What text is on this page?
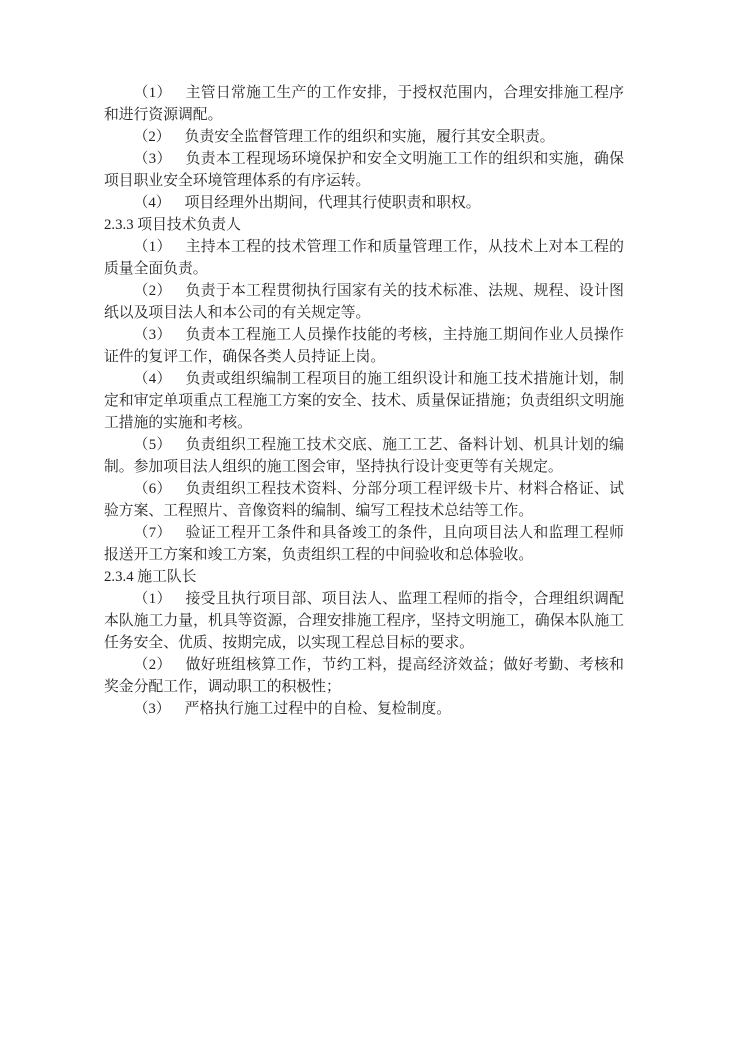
（1） 主管日常施工生产的工作安排，于授权范围内，合理安排施工程序和进行资源调配。

（2） 负责安全监督管理工作的组织和实施，履行其安全职责。

（3） 负责本工程现场环境保护和安全文明施工工作的组织和实施，确保项目职业安全环境管理体系的有序运转。

（4） 项目经理外出期间，代理其行使职责和职权。

2.3.3 项目技术负责人

（1） 主持本工程的技术管理工作和质量管理工作，从技术上对本工程的质量全面负责。

（2） 负责于本工程贯彻执行国家有关的技术标准、法规、规程、设计图纸以及项目法人和本公司的有关规定等。

（3） 负责本工程施工人员操作技能的考核，主持施工期间作业人员操作证件的复评工作，确保各类人员持证上岗。

（4） 负责或组织编制工程项目的施工组织设计和施工技术措施计划，制定和审定单项重点工程施工方案的安全、技术、质量保证措施；负责组织文明施工措施的实施和考核。

（5） 负责组织工程施工技术交底、施工工艺、备料计划、机具计划的编制。参加项目法人组织的施工图会审，坚持执行设计变更等有关规定。

（6） 负责组织工程技术资料、分部分项工程评级卡片、材料合格证、试验方案、工程照片、音像资料的编制、编写工程技术总结等工作。

（7） 验证工程开工条件和具备竣工的条件，且向项目法人和监理工程师报送开工方案和竣工方案，负责组织工程的中间验收和总体验收。

2.3.4 施工队长

（1） 接受且执行项目部、项目法人、监理工程师的指令，合理组织调配本队施工力量，机具等资源，合理安排施工程序，坚持文明施工，确保本队施工任务安全、优质、按期完成，以实现工程总目标的要求。

（2） 做好班组核算工作，节约工料，提高经济效益；做好考勤、考核和奖金分配工作，调动职工的积极性；

（3） 严格执行施工过程中的自检、复检制度。
